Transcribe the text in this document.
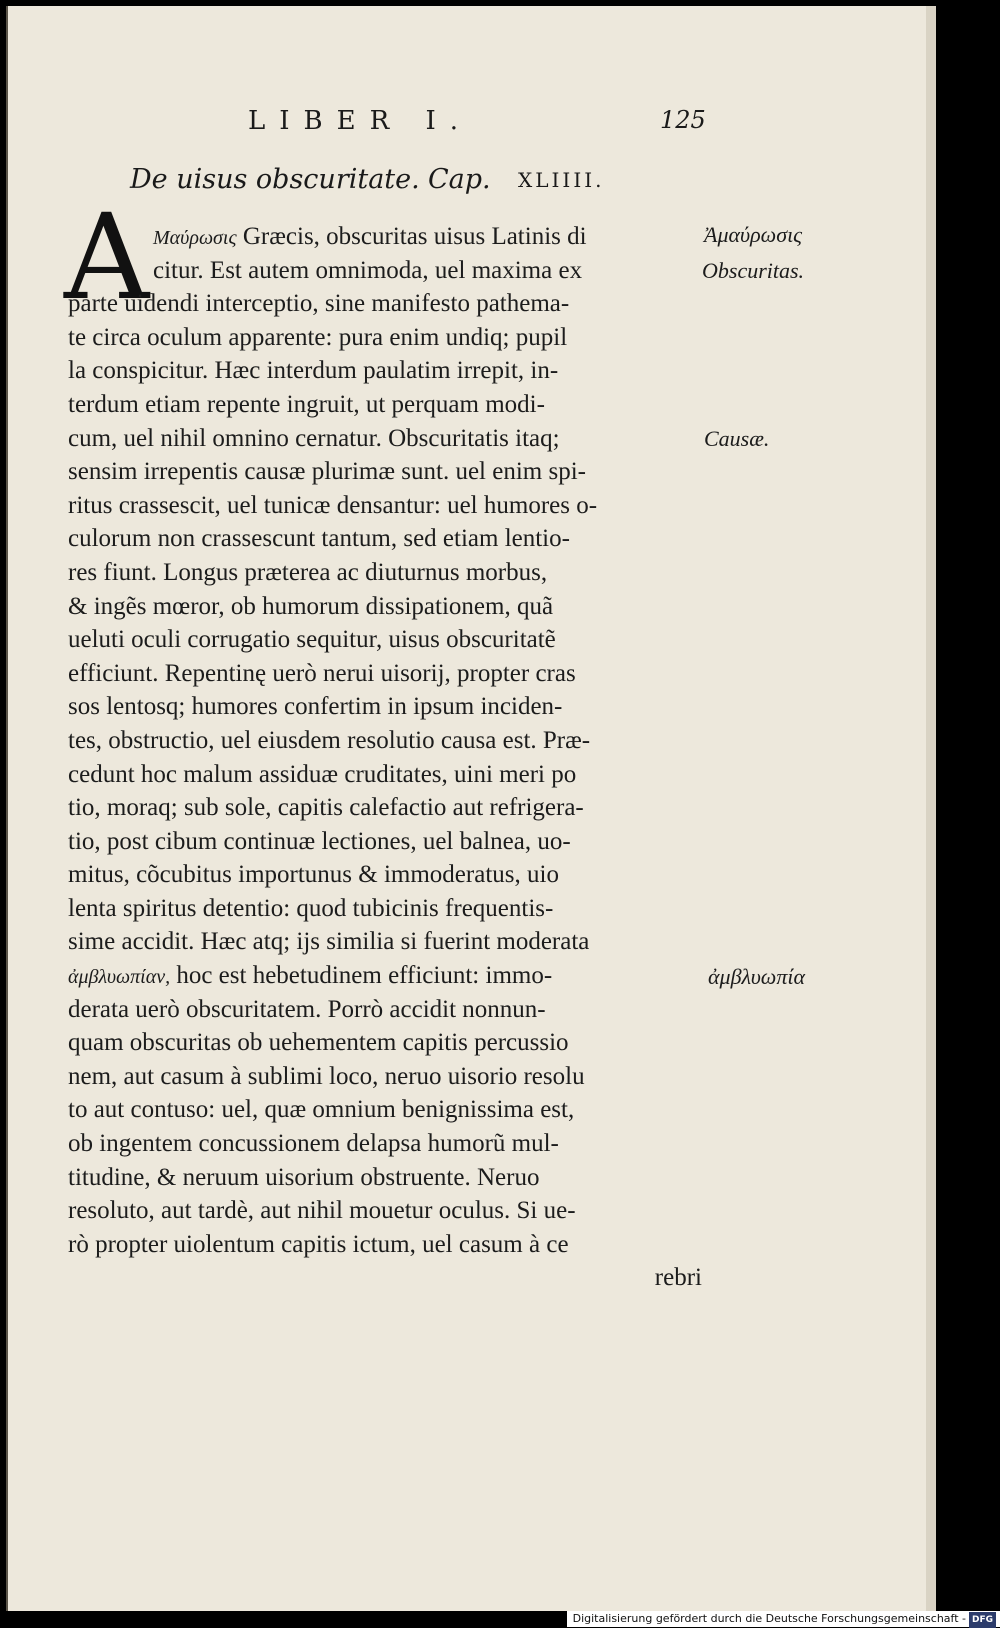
LIBER I.	125
De uisus obscuritate. Cap. XLIIII.
A Μαύρωσις Græcis, obscuritas uisus Latinis di
citur. Est autem omnimoda, uel maxima ex
parte uidendi interceptio, sine manifesto pathema-
te circa oculum apparente: pura enim undiq; pupil
la conspicitur. Hæc interdum paulatim irrepit, in-
terdum etiam repente ingruit, ut perquam modi-
cum, uel nihil omnino cernatur. Obscuritatis itaq;
sensim irrepentis causæ plurimæ sunt. uel enim spi-
ritus crassescit, uel tunicæ densantur: uel humores o-
culorum non crassescunt tantum, sed etiam lentio-
res fiunt. Longus præterea ac diuturnus morbus,
& ingẽs mœror, ob humorum dissipationem, quã
ueluti oculi corrugatio sequitur, uisus obscuritatẽ
efficiunt. Repentinę uerò nerui uisorij, propter cras
sos lentosq; humores confertim in ipsum inciden-
tes, obstructio, uel eiusdem resolutio causa est. Præ-
cedunt hoc malum assiduæ cruditates, uini meri po
tio, moraq; sub sole, capitis calefactio aut refrigera-
tio, post cibum continuæ lectiones, uel balnea, uo-
mitus, cõcubitus importunus & immoderatus, uio
lenta spiritus detentio: quod tubicinis frequentis-
sime accidit. Hæc atq; ijs similia si fuerint moderata
ἀμβλυωπίαν, hoc est hebetudinem efficiunt: immo-
derata uerò obscuritatem. Porrò accidit nonnun-
quam obscuritas ob uehementem capitis percussio
nem, aut casum à sublimi loco, neruo uisorio resolu
to aut contuso: uel, quæ omnium benignissima est,
ob ingentem concussionem delapsa humorũ mul-
titudine, & neruum uisorium obstruente. Neruo
resoluto, aut tardè, aut nihil mouetur oculus. Si ue-
rò propter uiolentum capitis ictum, uel casum à ce
rebri
Ἀμαύρωσις
Obscuritas.
Causæ.
ἀμβλυωπία
Digitalisierung gefördert durch die Deutsche Forschungsgemeinschaft - DFG
